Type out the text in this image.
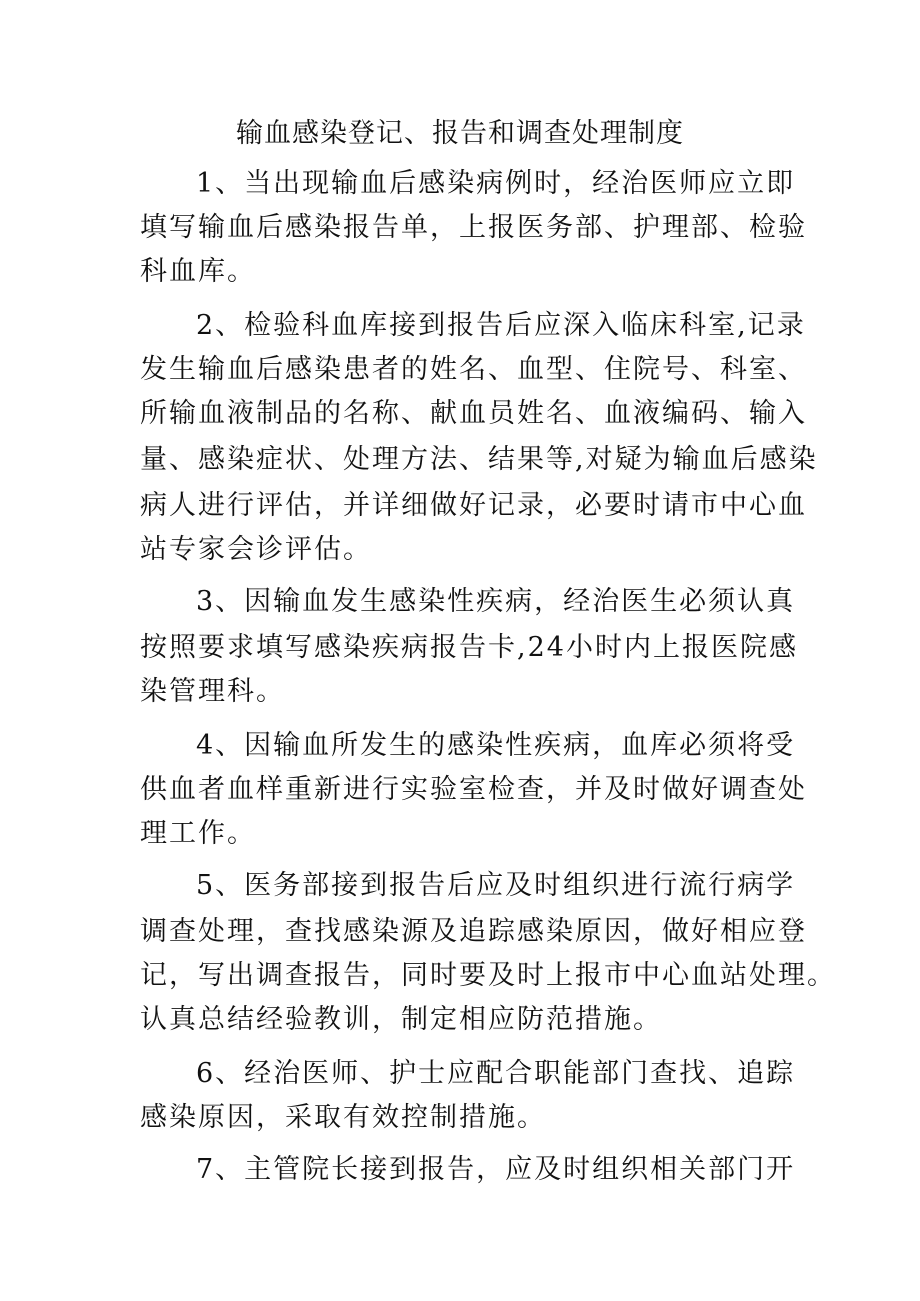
输血感染登记、报告和调查处理制度
1、当出现输血后感染病例时，经治医师应立即
填写输血后感染报告单，上报医务部、护理部、检验
科血库。
2、检验科血库接到报告后应深入临床科室,记录
发生输血后感染患者的姓名、血型、住院号、科室、
所输血液制品的名称、献血员姓名、血液编码、输入
量、感染症状、处理方法、结果等,对疑为输血后感染
病人进行评估，并详细做好记录，必要时请市中心血
站专家会诊评估。
3、因输血发生感染性疾病，经治医生必须认真
按照要求填写感染疾病报告卡,24小时内上报医院感
染管理科。
4、因输血所发生的感染性疾病，血库必须将受
供血者血样重新进行实验室检查，并及时做好调查处
理工作。
5、医务部接到报告后应及时组织进行流行病学
调查处理，查找感染源及追踪感染原因，做好相应登
记，写出调查报告，同时要及时上报市中心血站处理。
认真总结经验教训，制定相应防范措施。
6、经治医师、护士应配合职能部门查找、追踪
感染原因，采取有效控制措施。
7、主管院长接到报告，应及时组织相关部门开
